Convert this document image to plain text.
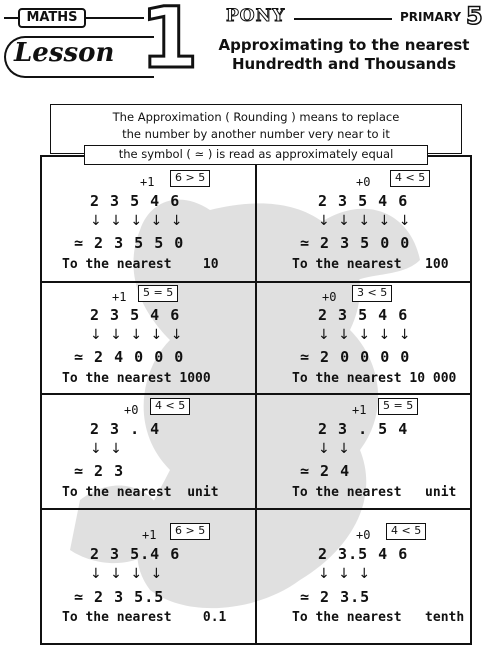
MATHS
Lesson 1 PONY	PRIMARY 5
Approximating to the nearest
Hundredth and Thousands
The Approximation ( Rounding ) means to replace
the number by another number very near to it
the symbol ( ≃ ) is read as approximately equal
+1	6 > 5
2 3 5 4 6
↓ ↓ ↓ ↓ ↓
≃ 2 3 5 5 0
To the nearest    10
+0	4 < 5
2 3 5 4 6
↓ ↓ ↓ ↓ ↓
≃ 2 3 5 0 0
To the nearest   100
+1	5 = 5
2 3 5 4 6
↓ ↓ ↓ ↓ ↓
≃ 2 4 0 0 0
To the nearest 1000
+0	3 < 5
2 3 5 4 6
↓ ↓ ↓ ↓ ↓
≃ 2 0 0 0 0
To the nearest 10 000
+0	4 < 5
2 3 . 4
↓ ↓
≃ 2 3
To the nearest  unit
+1	5 = 5
2 3 . 5 4
↓ ↓
≃ 2 4
To the nearest   unit
+1	6 > 5
2 3 5.4 6
↓ ↓ ↓ ↓
≃ 2 3 5.5
To the nearest    0.1
+0	4 < 5
2 3.5 4 6
↓ ↓ ↓
≃ 2 3.5
To the nearest   tenth
